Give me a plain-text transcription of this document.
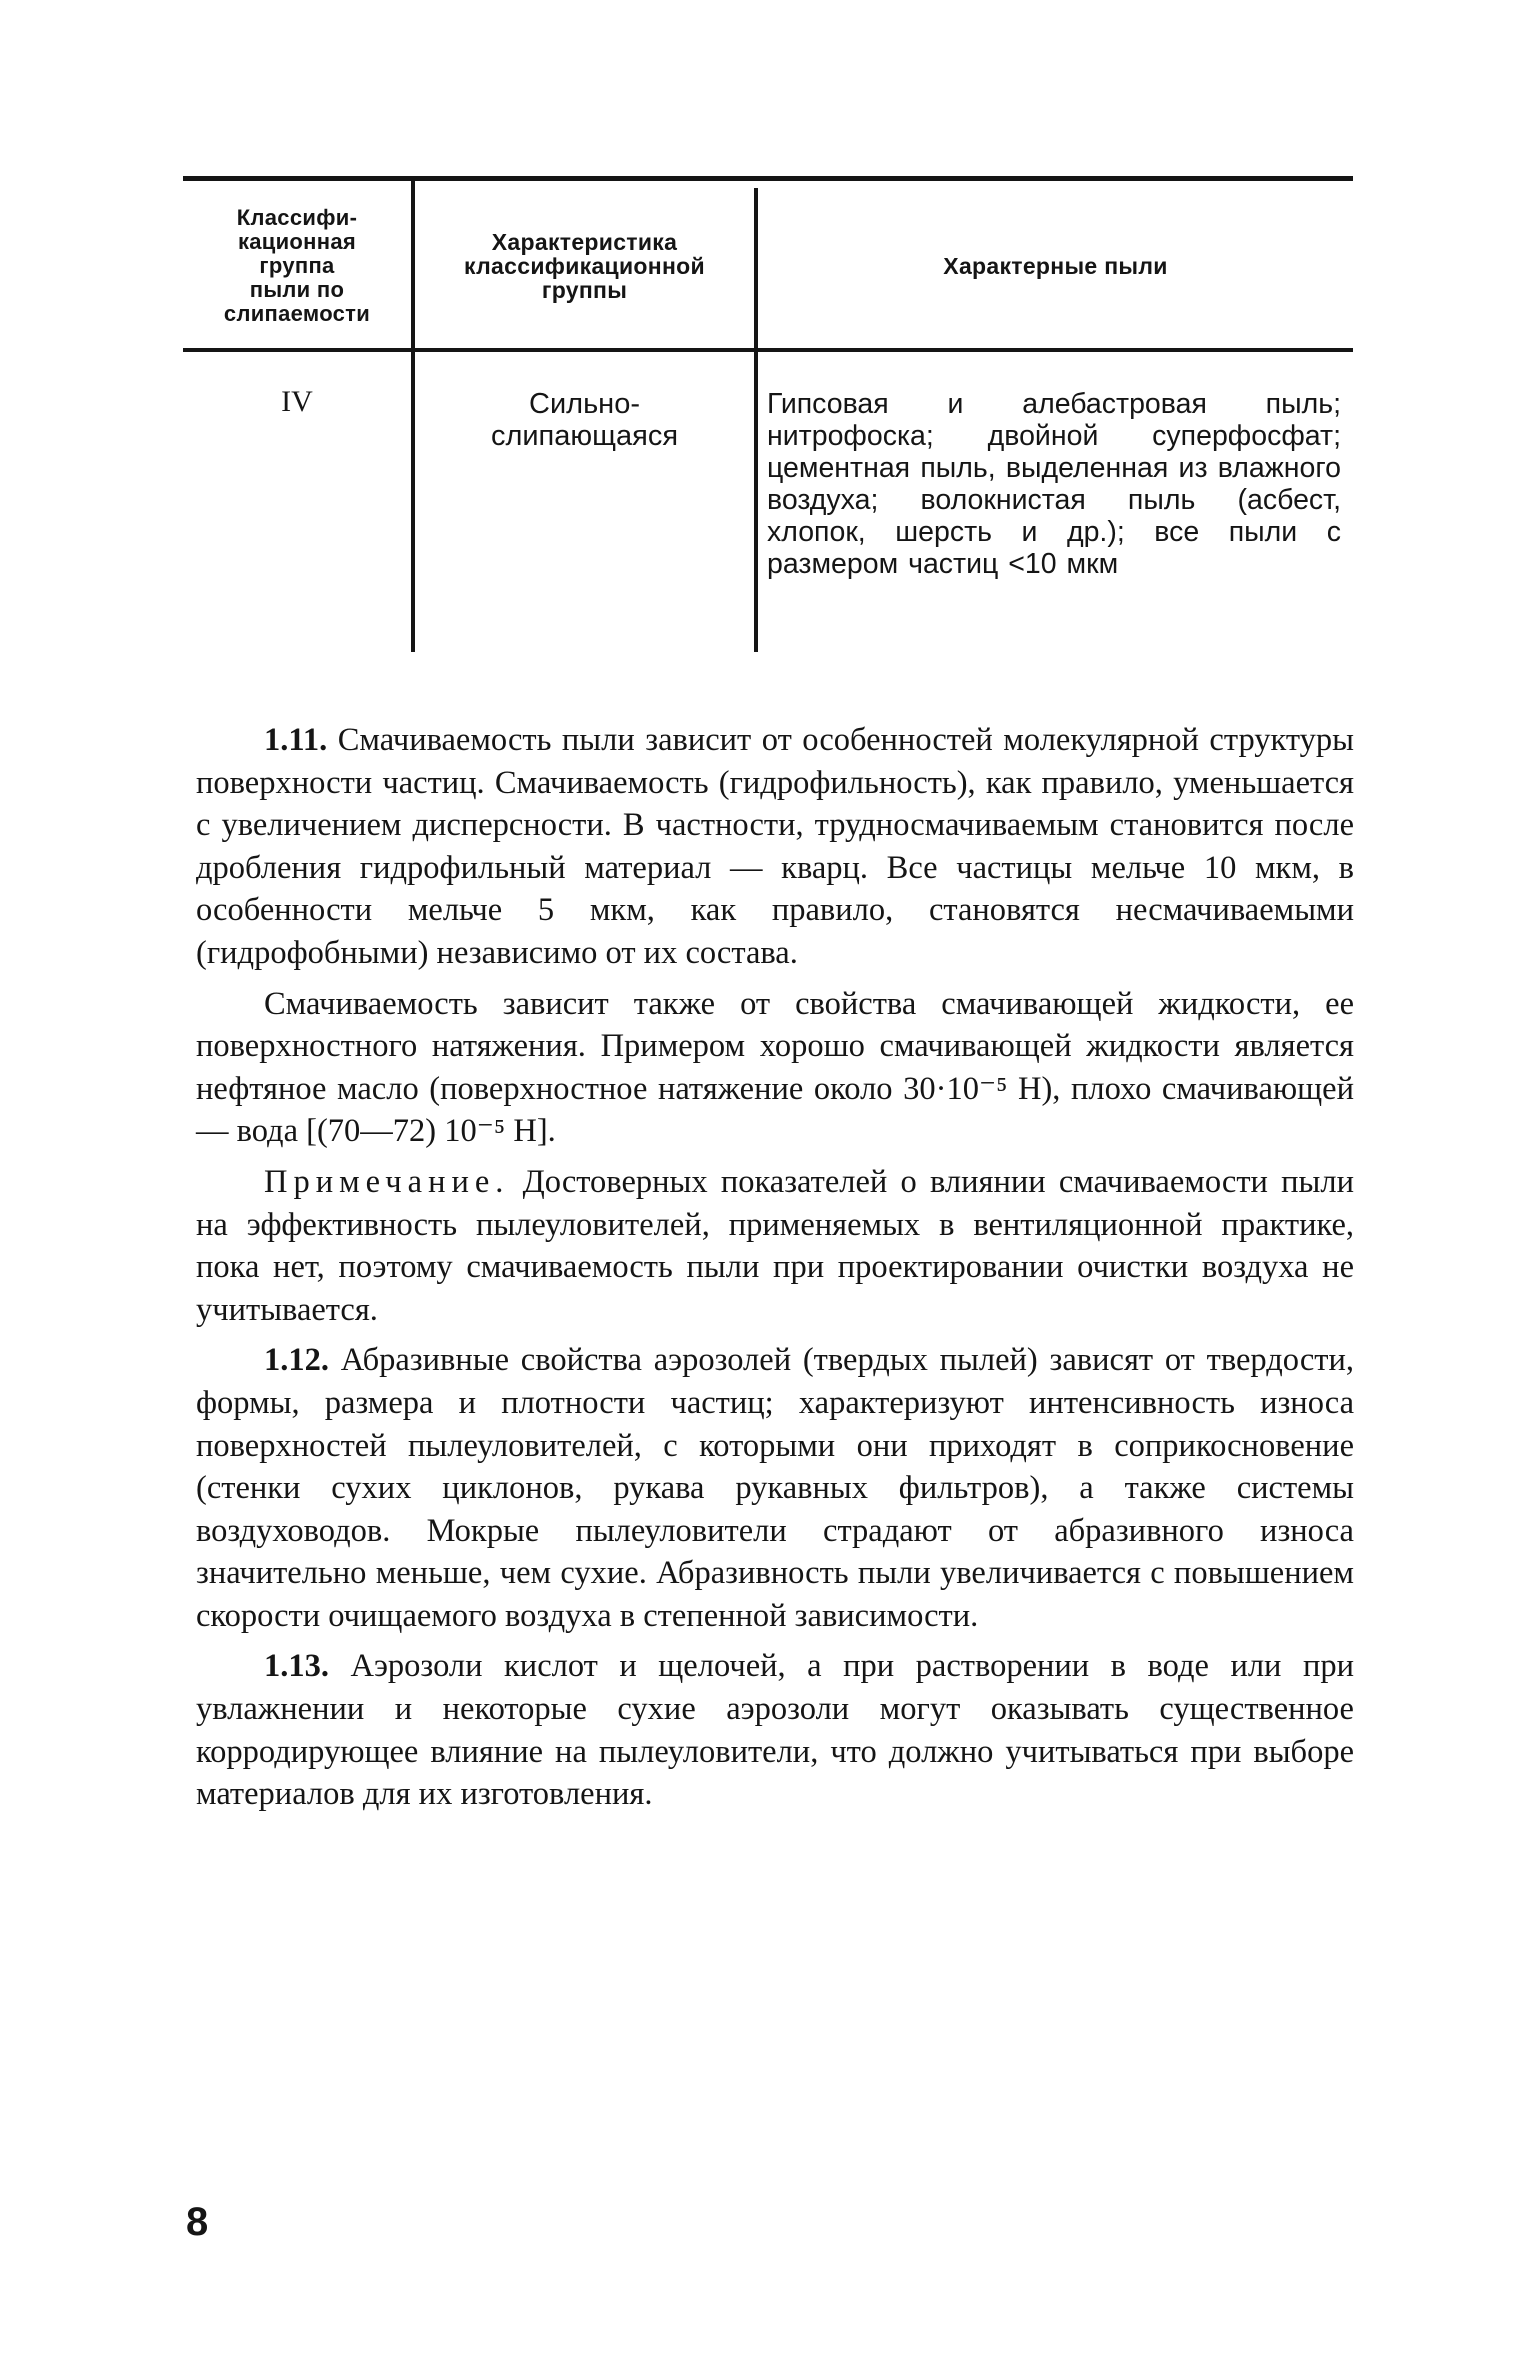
Классифи-
кационная
группа
пыли по
слипаемости
Характеристика
классификационной
группы
Характерные пыли
IV	Сильно-
слипающаяся
Гипсовая и алебастровая пыль; нитрофоска; двойной суперфосфат; цементная пыль, выделенная из влажного воздуха; волокнистая пыль (асбест, хлопок, шерсть и др.); все пыли с размером частиц <10 мкм

1.11. Смачиваемость пыли зависит от особенностей молекулярной структуры поверхности частиц. Смачиваемость (гидрофильность), как правило, уменьшается с увеличением дисперсности. В частности, трудносмачиваемым становится после дробления гидрофильный материал — кварц. Все частицы мельче 10 мкм, в особенности мельче 5 мкм, как правило, становятся несмачиваемыми (гидрофобными) независимо от их состава.

Смачиваемость зависит также от свойства смачивающей жидкости, ее поверхностного натяжения. Примером хорошо смачивающей жидкости является нефтяное масло (поверхностное натяжение около 30·10⁻⁵ Н), плохо смачивающей — вода [(70—72) 10⁻⁵ Н].

Примечание. Достоверных показателей о влиянии смачиваемости пыли на эффективность пылеуловителей, применяемых в вентиляционной практике, пока нет, поэтому смачиваемость пыли при проектировании очистки воздуха не учитывается.

1.12. Абразивные свойства аэрозолей (твердых пылей) зависят от твердости, формы, размера и плотности частиц; характеризуют интенсивность износа поверхностей пылеуловителей, с которыми они приходят в соприкосновение (стенки сухих циклонов, рукава рукавных фильтров), а также системы воздуховодов. Мокрые пылеуловители страдают от абразивного износа значительно меньше, чем сухие. Абразивность пыли увеличивается с повышением скорости очищаемого воздуха в степенной зависимости.

1.13. Аэрозоли кислот и щелочей, а при растворении в воде или при увлажнении и некоторые сухие аэрозоли могут оказывать существенное корродирующее влияние на пылеуловители, что должно учитываться при выборе материалов для их изготовления.

8
